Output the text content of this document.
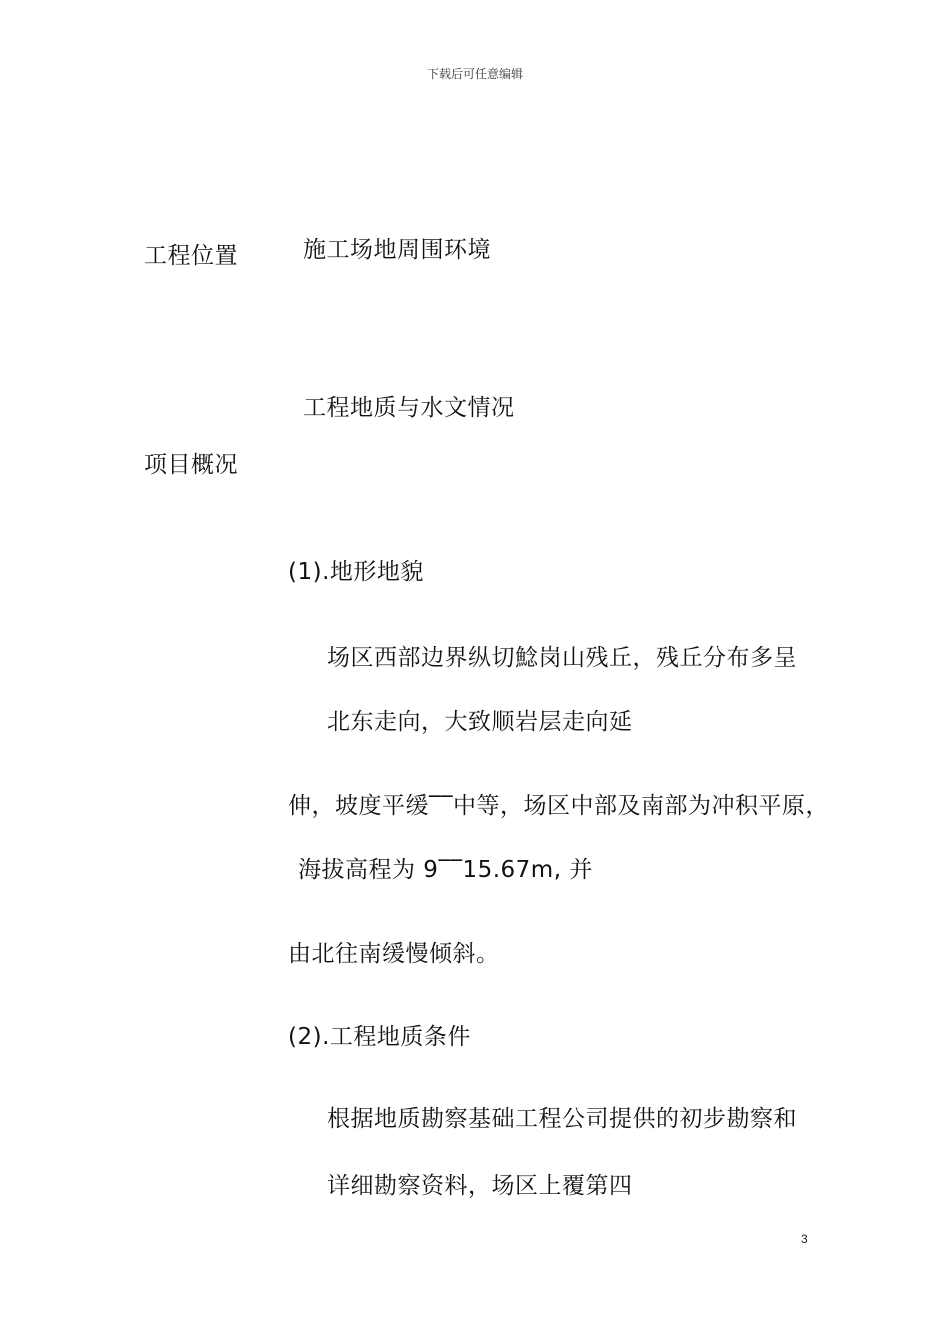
下载后可任意编辑
工程位置	施工场地周围环境
工程地质与水文情况
项目概况
(1).地形地貌
场区西部边界纵切鯰岗山残丘，残丘分布多呈
北东走向，大致顺岩层走向延
伸，坡度平缓‾‾中等，场区中部及南部为冲积平原，
海拔高程为 9‾‾15.67m, 并
由北往南缓慢倾斜。
(2).工程地质条件
根据地质勘察基础工程公司提供的初步勘察和
详细勘察资料，场区上覆第四
3
